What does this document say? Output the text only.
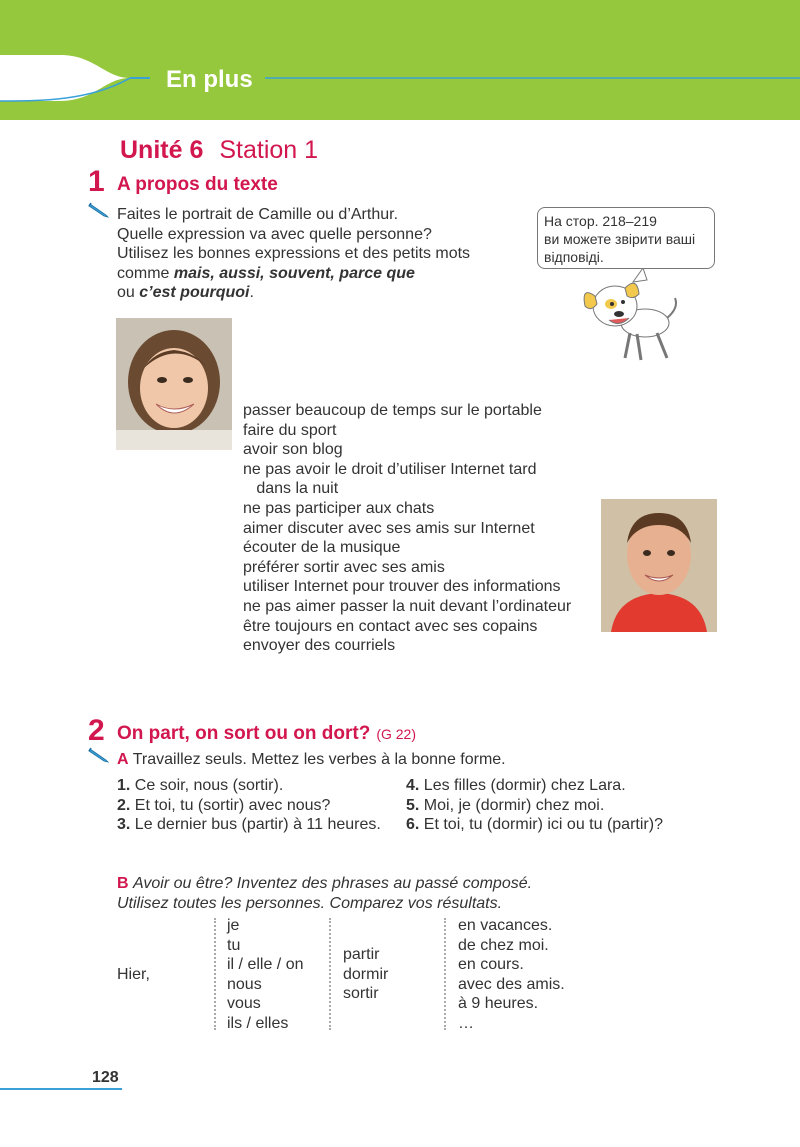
En plus
Unité 6 Station 1
1 A propos du texte
Faites le portrait de Camille ou d’Arthur.
Quelle expression va avec quelle personne?
Utilisez les bonnes expressions et des petits mots
comme mais, aussi, souvent, parce que
ou c’est pourquoi.
На стор. 218–219
ви можете звірити ваші
відповіді.
passer beaucoup de temps sur le portable
faire du sport
avoir son blog
ne pas avoir le droit d’utiliser Internet tard
dans la nuit
ne pas participer aux chats
aimer discuter avec ses amis sur Internet
écouter de la musique
préférer sortir avec ses amis
utiliser Internet pour trouver des informations
ne pas aimer passer la nuit devant l’ordinateur
être toujours en contact avec ses copains
envoyer des courriels
2 On part, on sort ou on dort? (G 22)
A Travaillez seuls. Mettez les verbes à la bonne forme.
1. Ce soir, nous (sortir).
2. Et toi, tu (sortir) avec nous?
3. Le dernier bus (partir) à 11 heures.
4. Les filles (dormir) chez Lara.
5. Moi, je (dormir) chez moi.
6. Et toi, tu (dormir) ici ou tu (partir)?
B Avoir ou être? Inventez des phrases au passé composé.
Utilisez toutes les personnes. Comparez vos résultats.
Hier,
je
tu
il / elle / on
nous
vous
ils / elles
partir
dormir
sortir
en vacances.
de chez moi.
en cours.
avec des amis.
à 9 heures.
…
128
